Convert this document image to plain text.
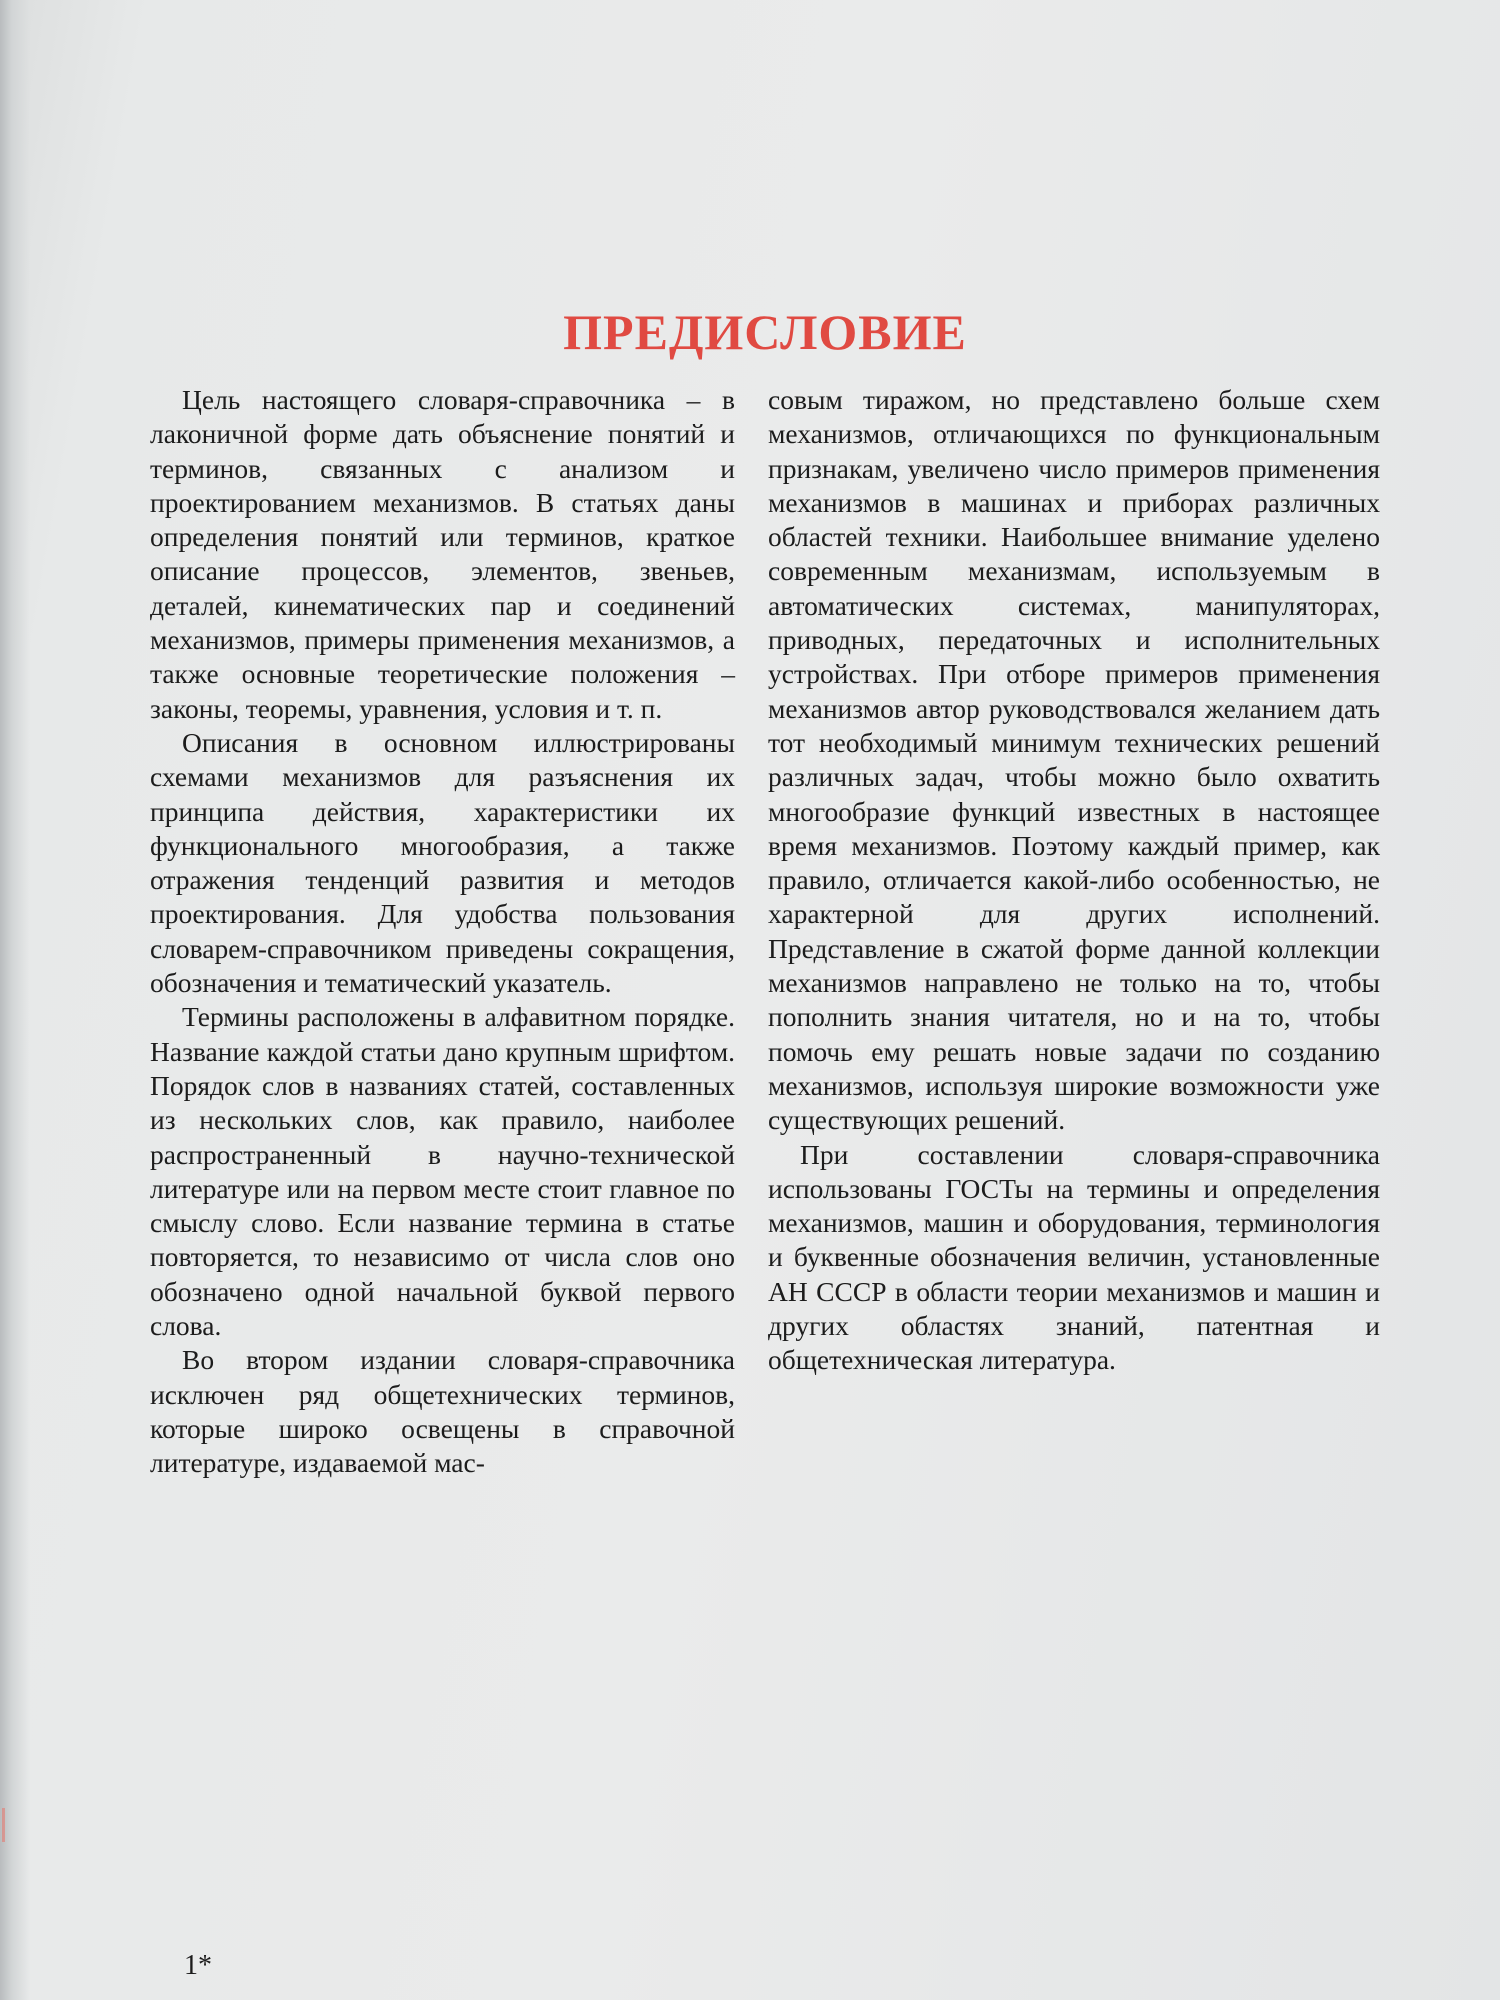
ПРЕДИСЛОВИЕ

Цель настоящего словаря-справочника – в лаконичной форме дать объяснение понятий и терминов, связанных с анализом и проектированием механизмов. В статьях даны определения понятий или терминов, краткое описание процессов, элементов, звеньев, деталей, кинематических пар и соединений механизмов, примеры применения механизмов, а также основные теоретические положения – законы, теоремы, уравнения, условия и т. п.

Описания в основном иллюстрированы схемами механизмов для разъяснения их принципа действия, характеристики их функционального многообразия, а также отражения тенденций развития и методов проектирования. Для удобства пользования словарем-справочником приведены сокращения, обозначения и тематический указатель.

Термины расположены в алфавитном порядке. Название каждой статьи дано крупным шрифтом. Порядок слов в названиях статей, составленных из нескольких слов, как правило, наиболее распространенный в научно-технической литературе или на первом месте стоит главное по смыслу слово. Если название термина в статье повторяется, то независимо от числа слов оно обозначено одной начальной буквой первого слова.

Во втором издании словаря-справочника исключен ряд общетехнических терминов, которые широко освещены в справочной литературе, издаваемой мас-

совым тиражом, но представлено больше схем механизмов, отличающихся по функциональным признакам, увеличено число примеров применения механизмов в машинах и приборах различных областей техники. Наибольшее внимание уделено современным механизмам, используемым в автоматических системах, манипуляторах, приводных, передаточных и исполнительных устройствах. При отборе примеров применения механизмов автор руководствовался желанием дать тот необходимый минимум технических решений различных задач, чтобы можно было охватить многообразие функций известных в настоящее время механизмов. Поэтому каждый пример, как правило, отличается какой-либо особенностью, не характерной для других исполнений. Представление в сжатой форме данной коллекции механизмов направлено не только на то, чтобы пополнить знания читателя, но и на то, чтобы помочь ему решать новые задачи по созданию механизмов, используя широкие возможности уже существующих решений.

При составлении словаря-справочника использованы ГОСТы на термины и определения механизмов, машин и оборудования, терминология и буквенные обозначения величин, установленные АН СССР в области теории механизмов и машин и других областях знаний, патентная и общетехническая литература.

1*
